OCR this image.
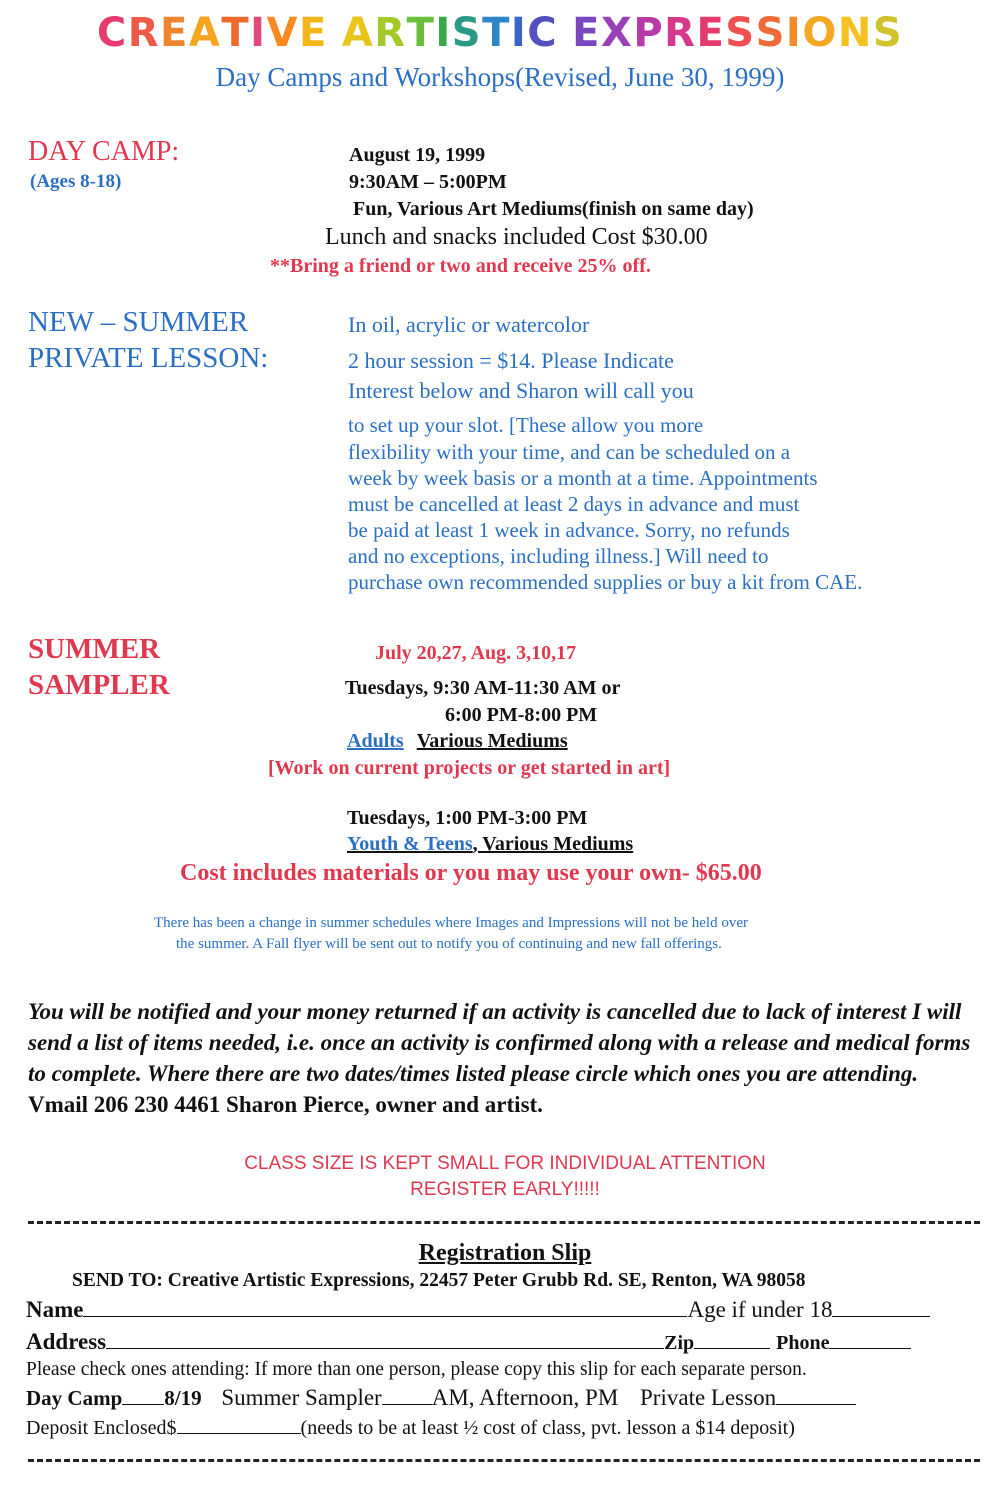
CREATIVE ARTISTIC EXPRESSIONS
Day Camps and Workshops(Revised, June 30, 1999)
DAY CAMP:
(Ages 8-18)
August 19, 1999
9:30AM – 5:00PM
Fun, Various Art Mediums(finish on same day)
Lunch and snacks included Cost $30.00
**Bring a friend or two and receive 25% off.
NEW – SUMMER
PRIVATE LESSON:
In oil, acrylic or watercolor
2 hour session = $14. Please Indicate
Interest below and Sharon will call you
to set up your slot. [These allow you more
flexibility with your time, and can be scheduled on a
week by week basis or a month at a time. Appointments
must be cancelled at least 2 days in advance and must
be paid at least 1 week in advance. Sorry, no refunds
and no exceptions, including illness.] Will need to
purchase own recommended supplies or buy a kit from CAE.
SUMMER
SAMPLER
July 20,27, Aug. 3,10,17
Tuesdays, 9:30 AM-11:30 AM or
6:00 PM-8:00 PM
Adults Various Mediums
[Work on current projects or get started in art]
Tuesdays, 1:00 PM-3:00 PM
Youth & Teens, Various Mediums
Cost includes materials or you may use your own- $65.00
There has been a change in summer schedules where Images and Impressions will not be held over
the summer. A Fall flyer will be sent out to notify you of continuing and new fall offerings.
You will be notified and your money returned if an activity is cancelled due to lack of interest I will send a list of items needed, i.e. once an activity is confirmed along with a release and medical forms to complete. Where there are two dates/times listed please circle which ones you are attending.   Vmail 206 230 4461 Sharon Pierce, owner and artist.
CLASS SIZE IS KEPT SMALL FOR INDIVIDUAL ATTENTION
REGISTER EARLY!!!!!
Registration Slip
SEND TO: Creative Artistic Expressions, 22457 Peter Grubb Rd. SE, Renton, WA 98058
Name	Age if under 18
Address	Zip	Phone
Please check ones attending: If more than one person, please copy this slip for each separate person.
Day Camp 8/19 Summer Sampler AM, Afternoon, PM Private Lesson
Deposit Enclosed$	(needs to be at least ½ cost of class, pvt. lesson a $14 deposit)
